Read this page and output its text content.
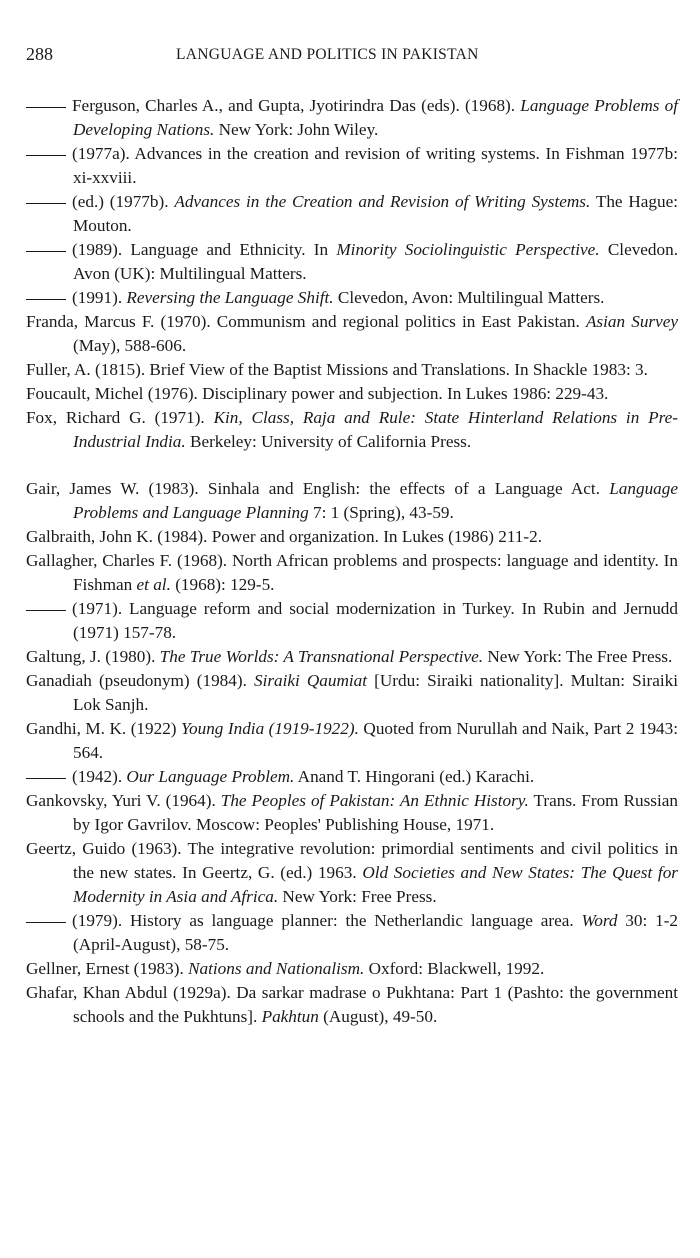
288	LANGUAGE AND POLITICS IN PAKISTAN
Ferguson, Charles A., and Gupta, Jyotirindra Das (eds). (1968). Language Problems of Developing Nations. New York: John Wiley.
(1977a). Advances in the creation and revision of writing systems. In Fishman 1977b: xi-xxviii.
(ed.) (1977b). Advances in the Creation and Revision of Writing Systems. The Hague: Mouton.
(1989). Language and Ethnicity. In Minority Sociolinguistic Perspective. Clevedon. Avon (UK): Multilingual Matters.
(1991). Reversing the Language Shift. Clevedon, Avon: Multilingual Matters.
Franda, Marcus F. (1970). Communism and regional politics in East Pakistan. Asian Survey (May), 588-606.
Fuller, A. (1815). Brief View of the Baptist Missions and Translations. In Shackle 1983: 3.
Foucault, Michel (1976). Disciplinary power and subjection. In Lukes 1986: 229-43.
Fox, Richard G. (1971). Kin, Class, Raja and Rule: State Hinterland Relations in Pre-Industrial India. Berkeley: University of California Press.
Gair, James W. (1983). Sinhala and English: the effects of a Language Act. Language Problems and Language Planning 7: 1 (Spring), 43-59.
Galbraith, John K. (1984). Power and organization. In Lukes (1986) 211-2.
Gallagher, Charles F. (1968). North African problems and prospects: language and identity. In Fishman et al. (1968): 129-5.
(1971). Language reform and social modernization in Turkey. In Rubin and Jernudd (1971) 157-78.
Galtung, J. (1980). The True Worlds: A Transnational Perspective. New York: The Free Press.
Ganadiah (pseudonym) (1984). Siraiki Qaumiat [Urdu: Siraiki nationality]. Multan: Siraiki Lok Sanjh.
Gandhi, M. K. (1922) Young India (1919-1922). Quoted from Nurullah and Naik, Part 2 1943: 564.
(1942). Our Language Problem. Anand T. Hingorani (ed.) Karachi.
Gankovsky, Yuri V. (1964). The Peoples of Pakistan: An Ethnic History. Trans. From Russian by Igor Gavrilov. Moscow: Peoples' Publishing House, 1971.
Geertz, Guido (1963). The integrative revolution: primordial sentiments and civil politics in the new states. In Geertz, G. (ed.) 1963. Old Societies and New States: The Quest for Modernity in Asia and Africa. New York: Free Press.
(1979). History as language planner: the Netherlandic language area. Word 30: 1-2 (April-August), 58-75.
Gellner, Ernest (1983). Nations and Nationalism. Oxford: Blackwell, 1992.
Ghafar, Khan Abdul (1929a). Da sarkar madrase o Pukhtana: Part 1 (Pashto: the government schools and the Pukhtuns]. Pakhtun (August), 49-50.
